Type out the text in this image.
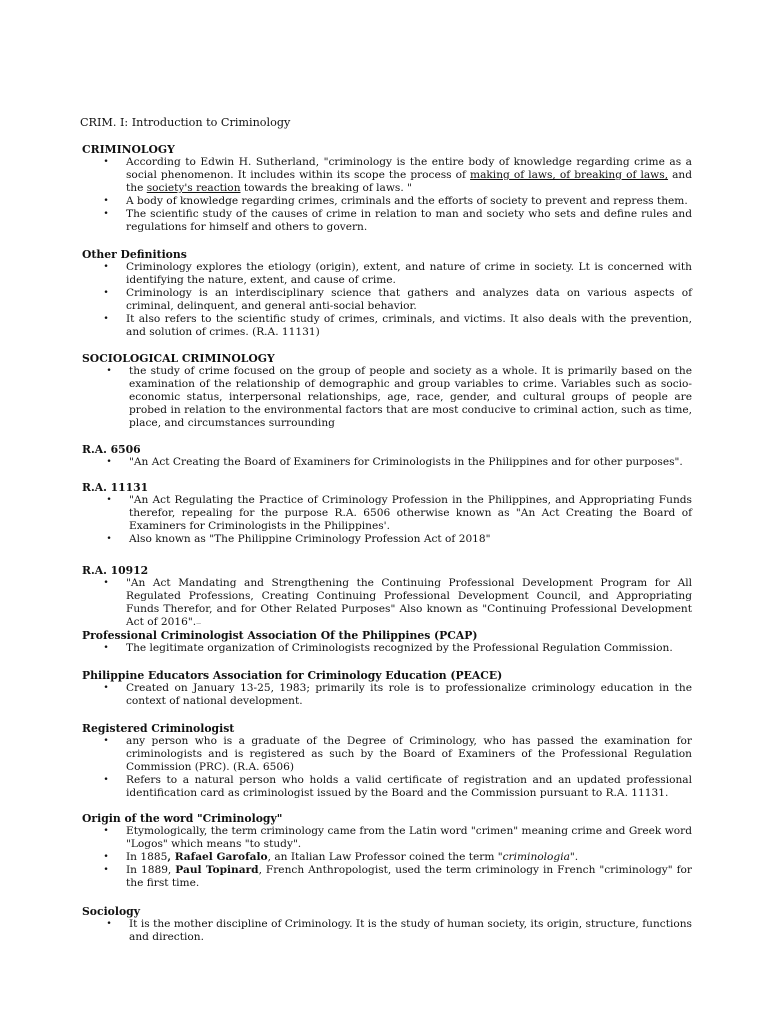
CRIM. I: Introduction to Criminology
CRIMINOLOGY
• According to Edwin H. Sutherland, "criminology is the entire body of knowledge regarding crime as a social phenomenon. It includes within its scope the process of making of laws, of breaking of laws, and the society's reaction towards the breaking of laws. "
• A body of knowledge regarding crimes, criminals and the efforts of society to prevent and repress them.
• The scientific study of the causes of crime in relation to man and society who sets and define rules and regulations for himself and others to govern.
Other Definitions
• Criminology explores the etiology (origin), extent, and nature of crime in society. Lt is concerned with identifying the nature, extent, and cause of crime.
• Criminology is an interdisciplinary science that gathers and analyzes data on various aspects of criminal, delinquent, and general anti-social behavior.
• It also refers to the scientific study of crimes, criminals, and victims. It also deals with the prevention, and solution of crimes. (R.A. 11131)
SOCIOLOGICAL CRIMINOLOGY
• the study of crime focused on the group of people and society as a whole. It is primarily based on the examination of the relationship of demographic and group variables to crime. Variables such as socio-economic status, interpersonal relationships, age, race, gender, and cultural groups of people are probed in relation to the environmental factors that are most conducive to criminal action, such as time, place, and circumstances surrounding
R.A. 6506
• "An Act Creating the Board of Examiners for Criminologists in the Philippines and for other purposes".
R.A. 11131
• "An Act Regulating the Practice of Criminology Profession in the Philippines, and Appropriating Funds therefor, repealing for the purpose R.A. 6506 otherwise known as "An Act Creating the Board of Examiners for Criminologists in the Philippines'.
• Also known as "The Philippine Criminology Profession Act of 2018"
R.A. 10912
• "An Act Mandating and Strengthening the Continuing Professional Development Program for All Regulated Professions, Creating Continuing Professional Development Council, and Appropriating Funds Therefor, and for Other Related Purposes" Also known as "Continuing Professional Development Act of 2016".—
Professional Criminologist Association Of the Philippines (PCAP)
• The legitimate organization of Criminologists recognized by the Professional Regulation Commission.
Philippine Educators Association for Criminology Education (PEACE)
• Created on January 13-25, 1983; primarily its role is to professionalize criminology education in the context of national development.
Registered Criminologist
• any person who is a graduate of the Degree of Criminology, who has passed the examination for criminologists and is registered as such by the Board of Examiners of the Professional Regulation Commission (PRC). (R.A. 6506)
• Refers to a natural person who holds a valid certificate of registration and an updated professional identification card as criminologist issued by the Board and the Commission pursuant to R.A. 11131.
Origin of the word "Criminology"
• Etymologically, the term criminology came from the Latin word "crimen" meaning crime and Greek word "Logos" which means "to study".
• In 1885, Rafael Garofalo, an Italian Law Professor coined the term "criminologia".
• In 1889, Paul Topinard, French Anthropologist, used the term criminology in French "criminology" for the first time.
Sociology
• It is the mother discipline of Criminology. It is the study of human society, its origin, structure, functions and direction.
